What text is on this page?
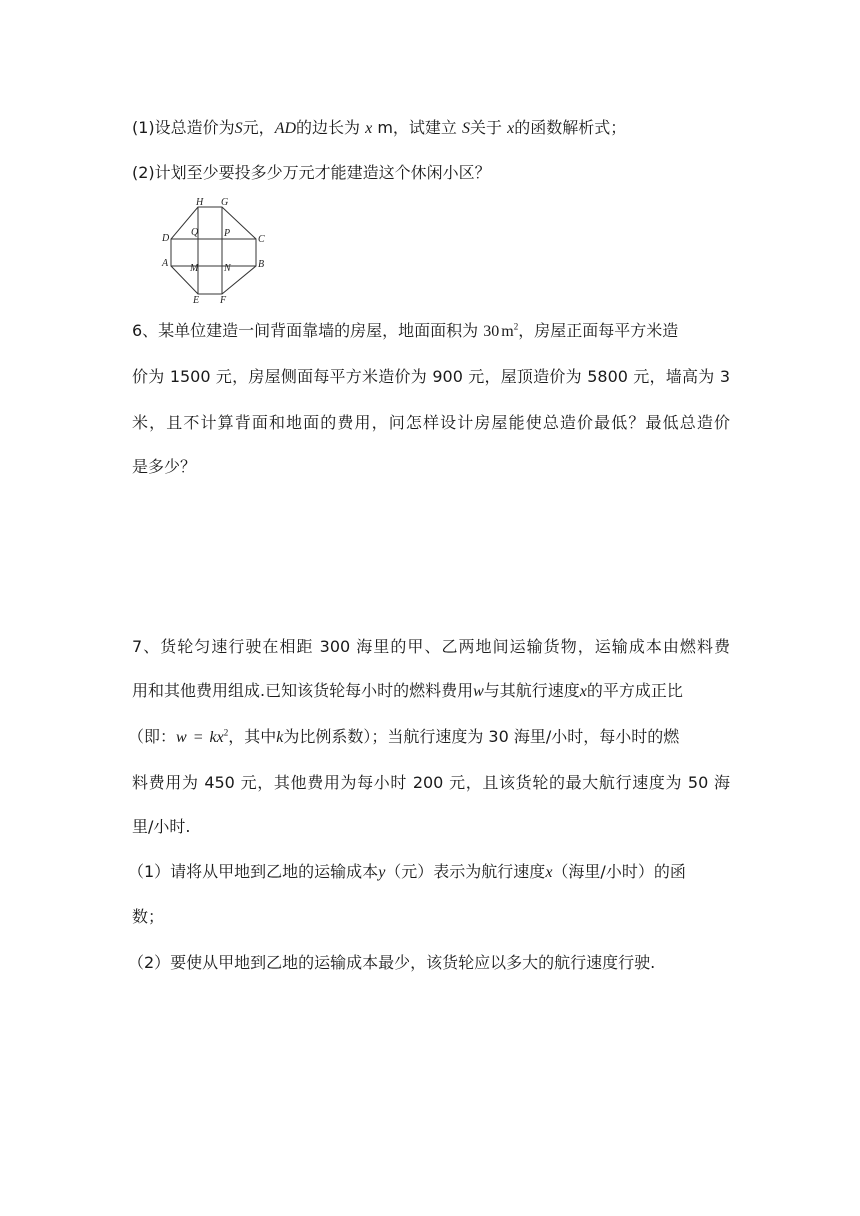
(1)设总造价为S元，AD的边长为 x m，试建立 S关于 x的函数解析式；
(2)计划至少要投多少万元才能建造这个休闲小区？
H G
D	C
A	B
Q	P
M	N
E F
6、某单位建造一间背面靠墙的房屋，地面面积为 30 $m^2$，房屋正面每平方米造
价为 1500 元，房屋侧面每平方米造价为 900 元，屋顶造价为 5800 元，墙高为 3
米，且不计算背面和地面的费用，问怎样设计房屋能使总造价最低？最低总造价
是多少？
7、货轮匀速行驶在相距 300 海里的甲、乙两地间运输货物，运输成本由燃料费
用和其他费用组成.已知该货轮每小时的燃料费用w与其航行速度x的平方成正比
（即：$w = kx^2$，其中k为比例系数）；当航行速度为 30 海里/小时，每小时的燃
料费用为 450 元，其他费用为每小时 200 元，且该货轮的最大航行速度为 50 海
里/小时.
（1）请将从甲地到乙地的运输成本y（元）表示为航行速度x（海里/小时）的函
数；
（2）要使从甲地到乙地的运输成本最少，该货轮应以多大的航行速度行驶.
